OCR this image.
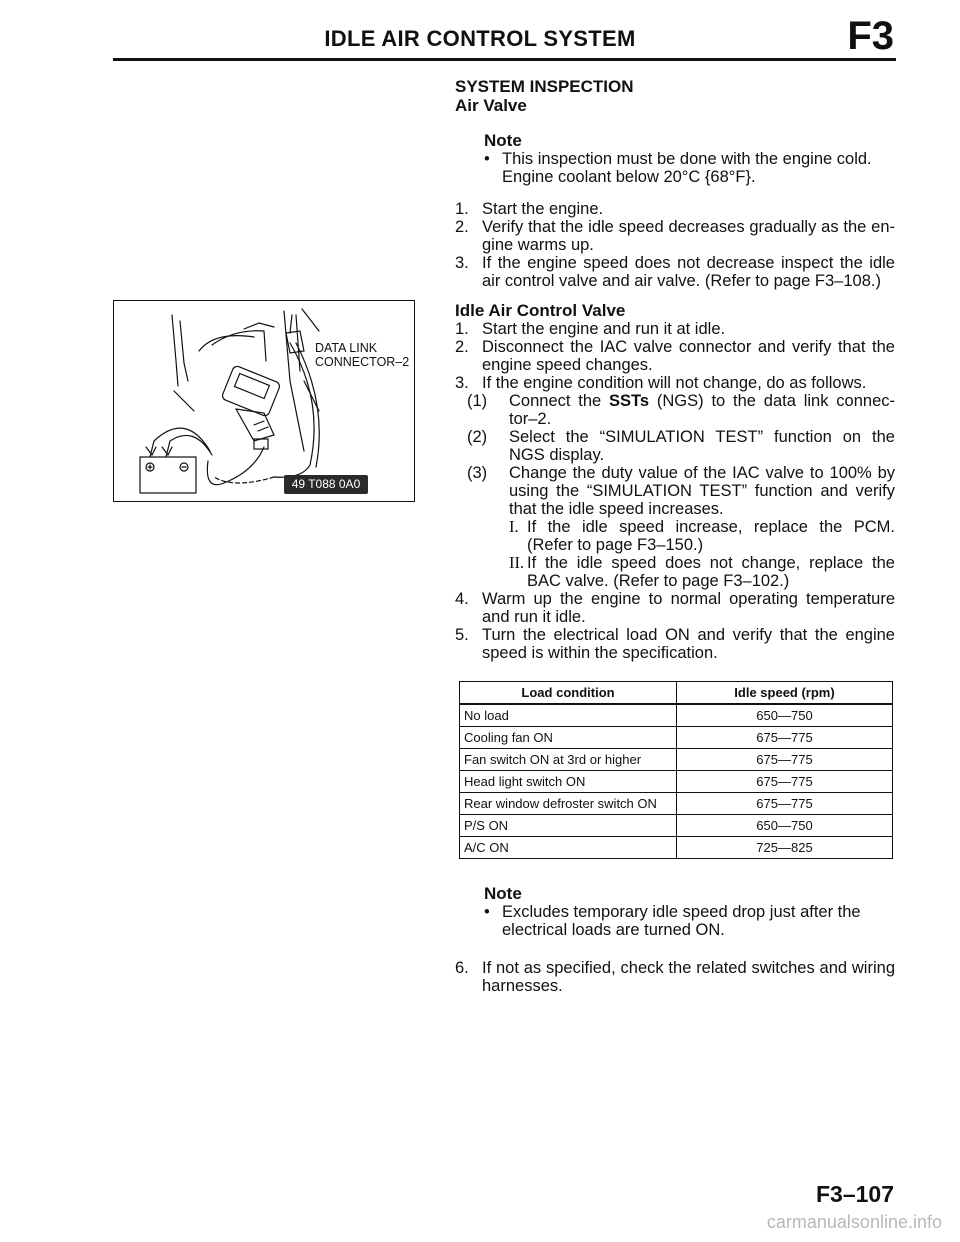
IDLE AIR CONTROL SYSTEM	F3
DATA LINK
CONNECTOR–2
49 T088 0A0
SYSTEM INSPECTION
Air Valve
Note
• This inspection must be done with the engine cold. Engine coolant below 20°C {68°F}.
1. Start the engine.
2. Verify that the idle speed decreases gradually as the en-gine warms up.
3. If the engine speed does not decrease inspect the idle air control valve and air valve. (Refer to page F3–108.)
Idle Air Control Valve
1. Start the engine and run it at idle.
2. Disconnect the IAC valve connector and verify that the engine speed changes.
3. If the engine condition will not change, do as follows.
(1)	Connect the SSTs (NGS) to the data link connec-tor–2.
(2)	Select the “SIMULATION TEST” function on the NGS display.
(3)	Change the duty value of the IAC valve to 100% by using the “SIMULATION TEST” function and verify that the idle speed increases.
I. If the idle speed increase, replace the PCM. (Refer to page F3–150.)
II. If the idle speed does not change, replace the BAC valve. (Refer to page F3–102.)
4. Warm up the engine to normal operating temperature and run it idle.
5. Turn the electrical load ON and verify that the engine speed is within the specification.
Load condition	Idle speed (rpm)
No load	650—750
Cooling fan ON	675—775
Fan switch ON at 3rd or higher	675—775
Head light switch ON	675—775
Rear window defroster switch ON	675—775
P/S ON	650—750
A/C ON	725—825
Note
• Excludes temporary idle speed drop just after the electrical loads are turned ON.
6. If not as specified, check the related switches and wiring harnesses.
F3–107
carmanualsonline.info
